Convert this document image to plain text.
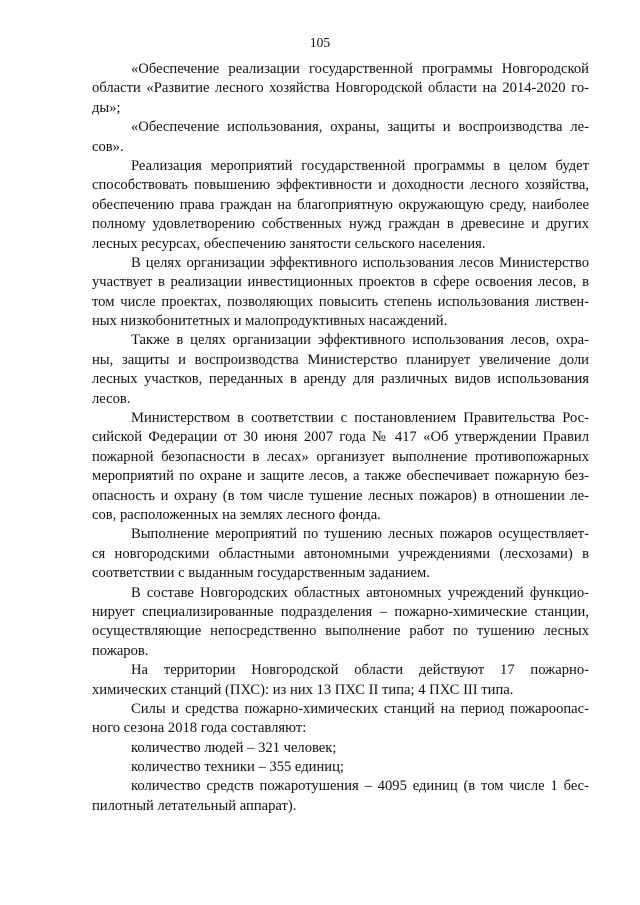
105
«Обеспечение реализации государственной программы Новгородской
области «Развитие лесного хозяйства Новгородской области на 2014-2020 го-
ды»;
«Обеспечение использования, охраны, защиты и воспроизводства ле-
сов».
Реализация мероприятий государственной программы в целом будет
способствовать повышению эффективности и доходности лесного хозяйства,
обеспечению права граждан на благоприятную окружающую среду, наиболее
полному удовлетворению собственных нужд граждан в древесине и других
лесных ресурсах, обеспечению занятости сельского населения.
В целях организации эффективного использования лесов Министерство
участвует в реализации инвестиционных проектов в сфере освоения лесов, в
том числе проектах, позволяющих повысить степень использования листвен-
ных низкобонитетных и малопродуктивных насаждений.
Также в целях организации эффективного использования лесов, охра-
ны, защиты и воспроизводства Министерство планирует увеличение доли
лесных участков, переданных в аренду для различных видов использования
лесов.
Министерством в соответствии с постановлением Правительства Рос-
сийской Федерации от 30 июня 2007 года № 417 «Об утверждении Правил
пожарной безопасности в лесах» организует выполнение противопожарных
мероприятий по охране и защите лесов, а также обеспечивает пожарную без-
опасность и охрану (в том числе тушение лесных пожаров) в отношении ле-
сов, расположенных на землях лесного фонда.
Выполнение мероприятий по тушению лесных пожаров осуществляет-
ся новгородскими областными автономными учреждениями (лесхозами) в
соответствии с выданным государственным заданием.
В составе Новгородских областных автономных учреждений функцио-
нирует специализированные подразделения – пожарно-химические станции,
осуществляющие непосредственно выполнение работ по тушению лесных
пожаров.
На территории Новгородской области действуют 17 пожарно-
химических станций (ПХС): из них 13 ПХС II типа; 4 ПХС III типа.
Силы и средства пожарно-химических станций на период пожароопас-
ного сезона 2018 года составляют:
количество людей – 321 человек;
количество техники – 355 единиц;
количество средств пожаротушения – 4095 единиц (в том числе 1 бес-
пилотный летательный аппарат).
